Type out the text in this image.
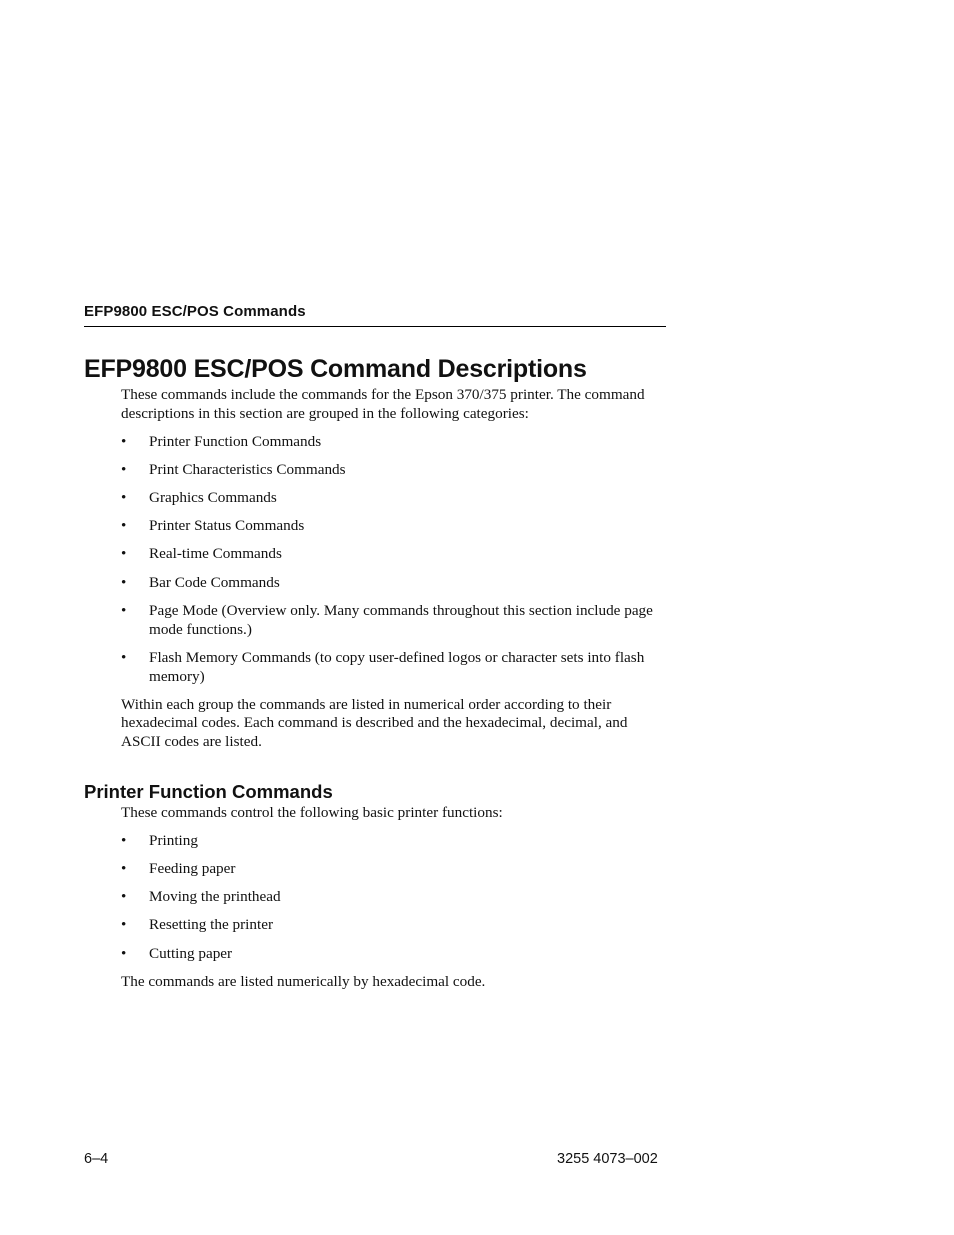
EFP9800 ESC/POS Commands
EFP9800 ESC/POS Command Descriptions

These commands include the commands for the Epson 370/375 printer. The command descriptions in this section are grouped in the following categories:

• Printer Function Commands
• Print Characteristics Commands
• Graphics Commands
• Printer Status Commands
• Real-time Commands
• Bar Code Commands
• Page Mode (Overview only. Many commands throughout this section include page mode functions.)
• Flash Memory Commands (to copy user-defined logos or character sets into flash memory)

Within each group the commands are listed in numerical order according to their hexadecimal codes. Each command is described and the hexadecimal, decimal, and ASCII codes are listed.

Printer Function Commands

These commands control the following basic printer functions:

• Printing
• Feeding paper
• Moving the printhead
• Resetting the printer
• Cutting paper

The commands are listed numerically by hexadecimal code.

6–4	3255 4073–002
